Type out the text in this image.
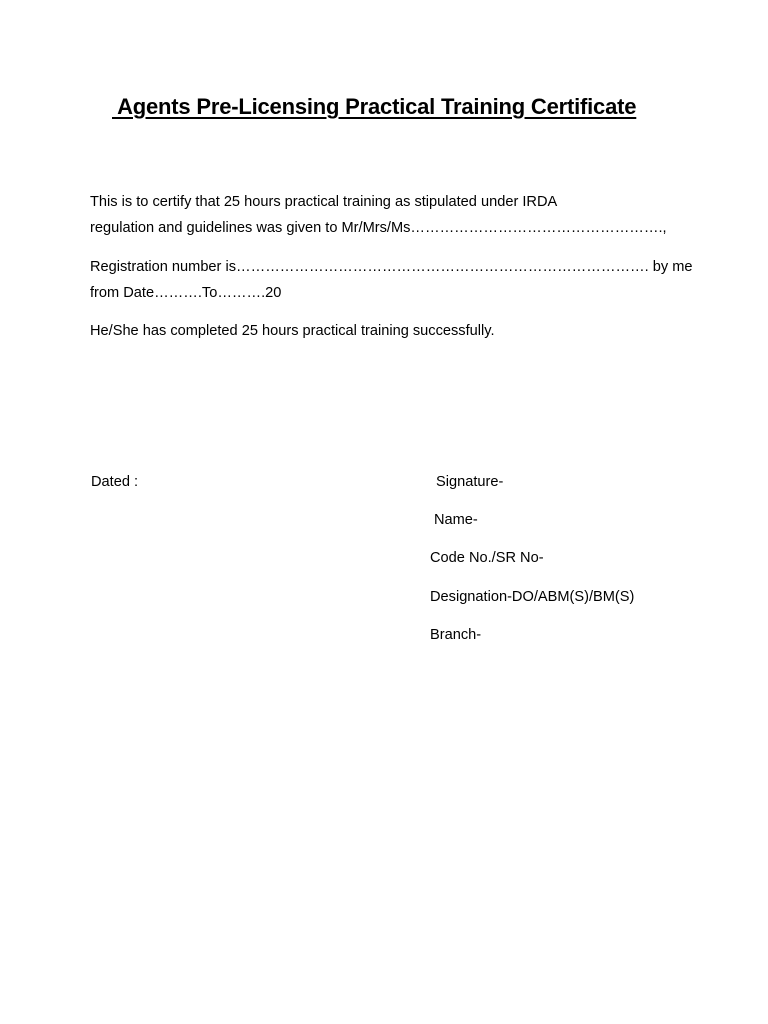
Agents Pre-Licensing Practical Training Certificate

This is to certify that 25 hours practical training as stipulated under IRDA
regulation and guidelines was given to Mr/Mrs/Ms…………………………………………….,

Registration number is…………………………………………………………………………. by me
from Date……….To……….20

He/She has completed 25 hours practical training successfully.

Dated :	Signature-

Name-

Code No./SR No-

Designation-DO/ABM(S)/BM(S)

Branch-
